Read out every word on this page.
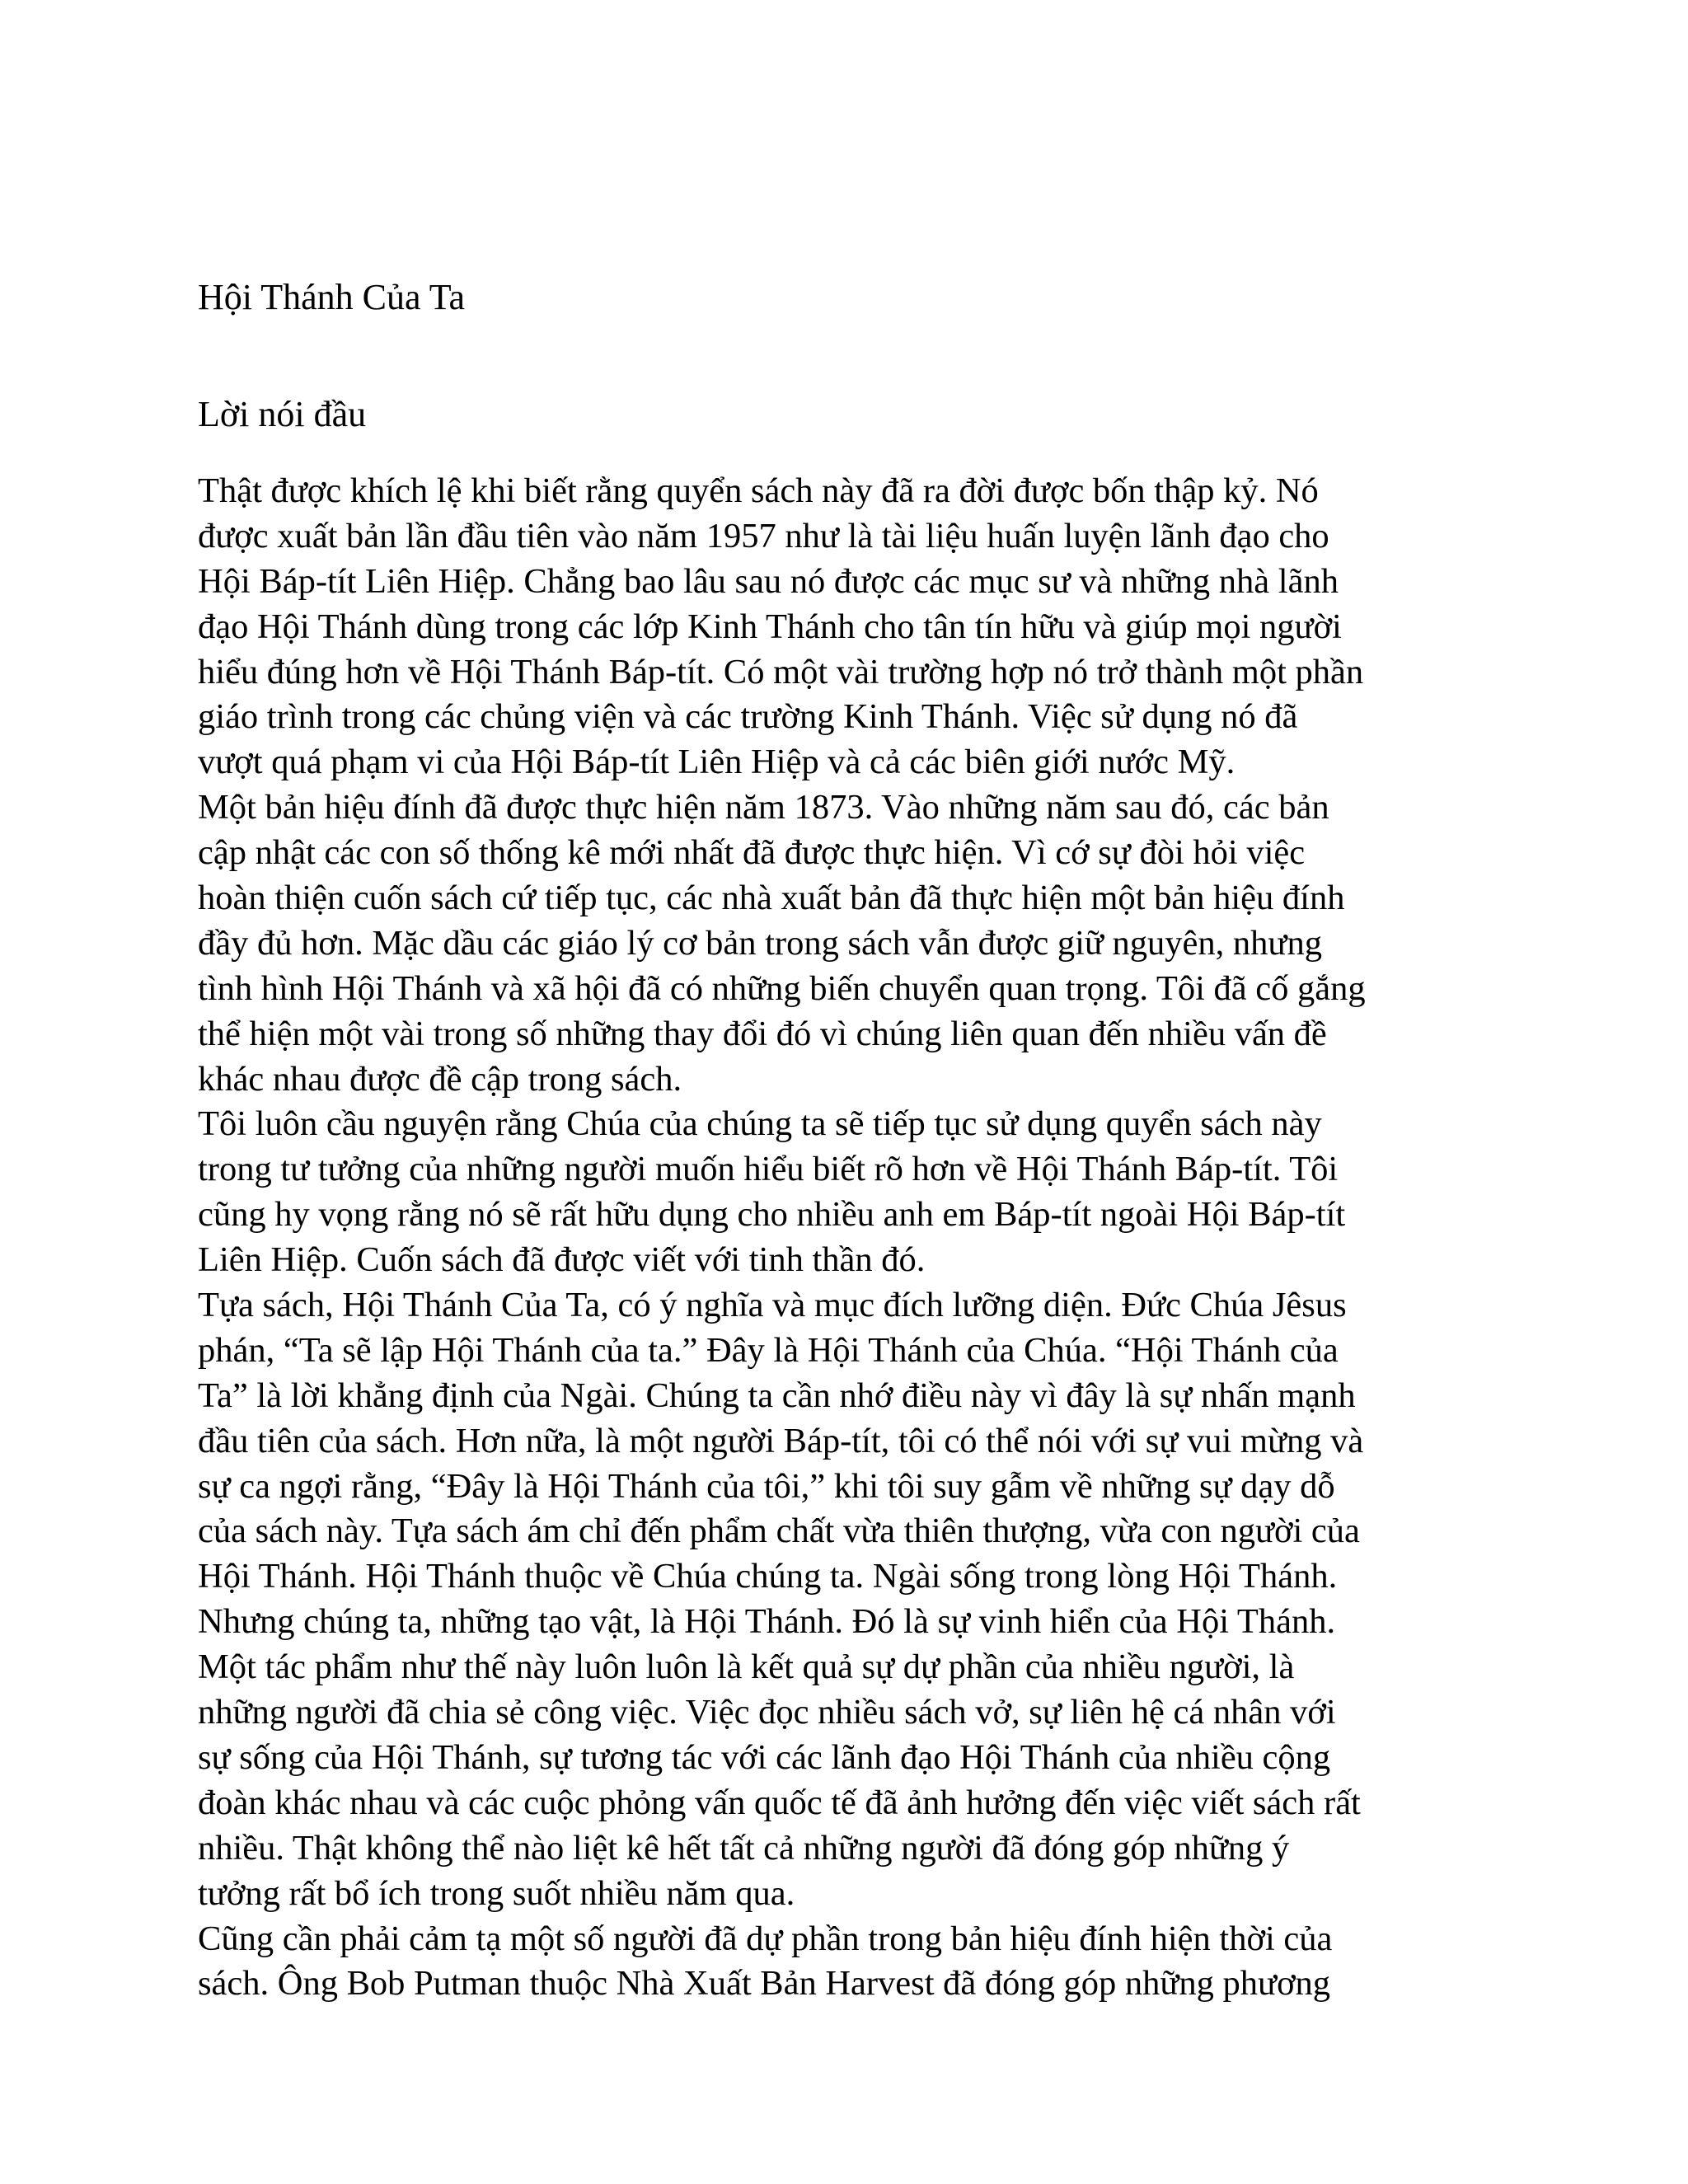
Hội Thánh Của Ta
Lời nói đầu
Thật được khích lệ khi biết rằng quyển sách này đã ra đời được bốn thập kỷ. Nó
được xuất bản lần đầu tiên vào năm 1957 như là tài liệu huấn luyện lãnh đạo cho
Hội Báp-tít Liên Hiệp. Chẳng bao lâu sau nó được các mục sư và những nhà lãnh
đạo Hội Thánh dùng trong các lớp Kinh Thánh cho tân tín hữu và giúp mọi người
hiểu đúng hơn về Hội Thánh Báp-tít. Có một vài trường hợp nó trở thành một phần
giáo trình trong các chủng viện và các trường Kinh Thánh. Việc sử dụng nó đã
vượt quá phạm vi của Hội Báp-tít Liên Hiệp và cả các biên giới nước Mỹ.
Một bản hiệu đính đã được thực hiện năm 1873. Vào những năm sau đó, các bản
cập nhật các con số thống kê mới nhất đã được thực hiện. Vì cớ sự đòi hỏi việc
hoàn thiện cuốn sách cứ tiếp tục, các nhà xuất bản đã thực hiện một bản hiệu đính
đầy đủ hơn. Mặc dầu các giáo lý cơ bản trong sách vẫn được giữ nguyên, nhưng
tình hình Hội Thánh và xã hội đã có những biến chuyển quan trọng. Tôi đã cố gắng
thể hiện một vài trong số những thay đổi đó vì chúng liên quan đến nhiều vấn đề
khác nhau được đề cập trong sách.
Tôi luôn cầu nguyện rằng Chúa của chúng ta sẽ tiếp tục sử dụng quyển sách này
trong tư tưởng của những người muốn hiểu biết rõ hơn về Hội Thánh Báp-tít. Tôi
cũng hy vọng rằng nó sẽ rất hữu dụng cho nhiều anh em Báp-tít ngoài Hội Báp-tít
Liên Hiệp. Cuốn sách đã được viết với tinh thần đó.
Tựa sách, Hội Thánh Của Ta, có ý nghĩa và mục đích lưỡng diện. Đức Chúa Jêsus
phán, “Ta sẽ lập Hội Thánh của ta.” Đây là Hội Thánh của Chúa. “Hội Thánh của
Ta” là lời khẳng định của Ngài. Chúng ta cần nhớ điều này vì đây là sự nhấn mạnh
đầu tiên của sách. Hơn nữa, là một người Báp-tít, tôi có thể nói với sự vui mừng và
sự ca ngợi rằng, “Đây là Hội Thánh của tôi,” khi tôi suy gẫm về những sự dạy dỗ
của sách này. Tựa sách ám chỉ đến phẩm chất vừa thiên thượng, vừa con người của
Hội Thánh. Hội Thánh thuộc về Chúa chúng ta. Ngài sống trong lòng Hội Thánh.
Nhưng chúng ta, những tạo vật, là Hội Thánh. Đó là sự vinh hiển của Hội Thánh.
Một tác phẩm như thế này luôn luôn là kết quả sự dự phần của nhiều người, là
những người đã chia sẻ công việc. Việc đọc nhiều sách vở, sự liên hệ cá nhân với
sự sống của Hội Thánh, sự tương tác với các lãnh đạo Hội Thánh của nhiều cộng
đoàn khác nhau và các cuộc phỏng vấn quốc tế đã ảnh hưởng đến việc viết sách rất
nhiều. Thật không thể nào liệt kê hết tất cả những người đã đóng góp những ý
tưởng rất bổ ích trong suốt nhiều năm qua.
Cũng cần phải cảm tạ một số người đã dự phần trong bản hiệu đính hiện thời của
sách. Ông Bob Putman thuộc Nhà Xuất Bản Harvest đã đóng góp những phương
